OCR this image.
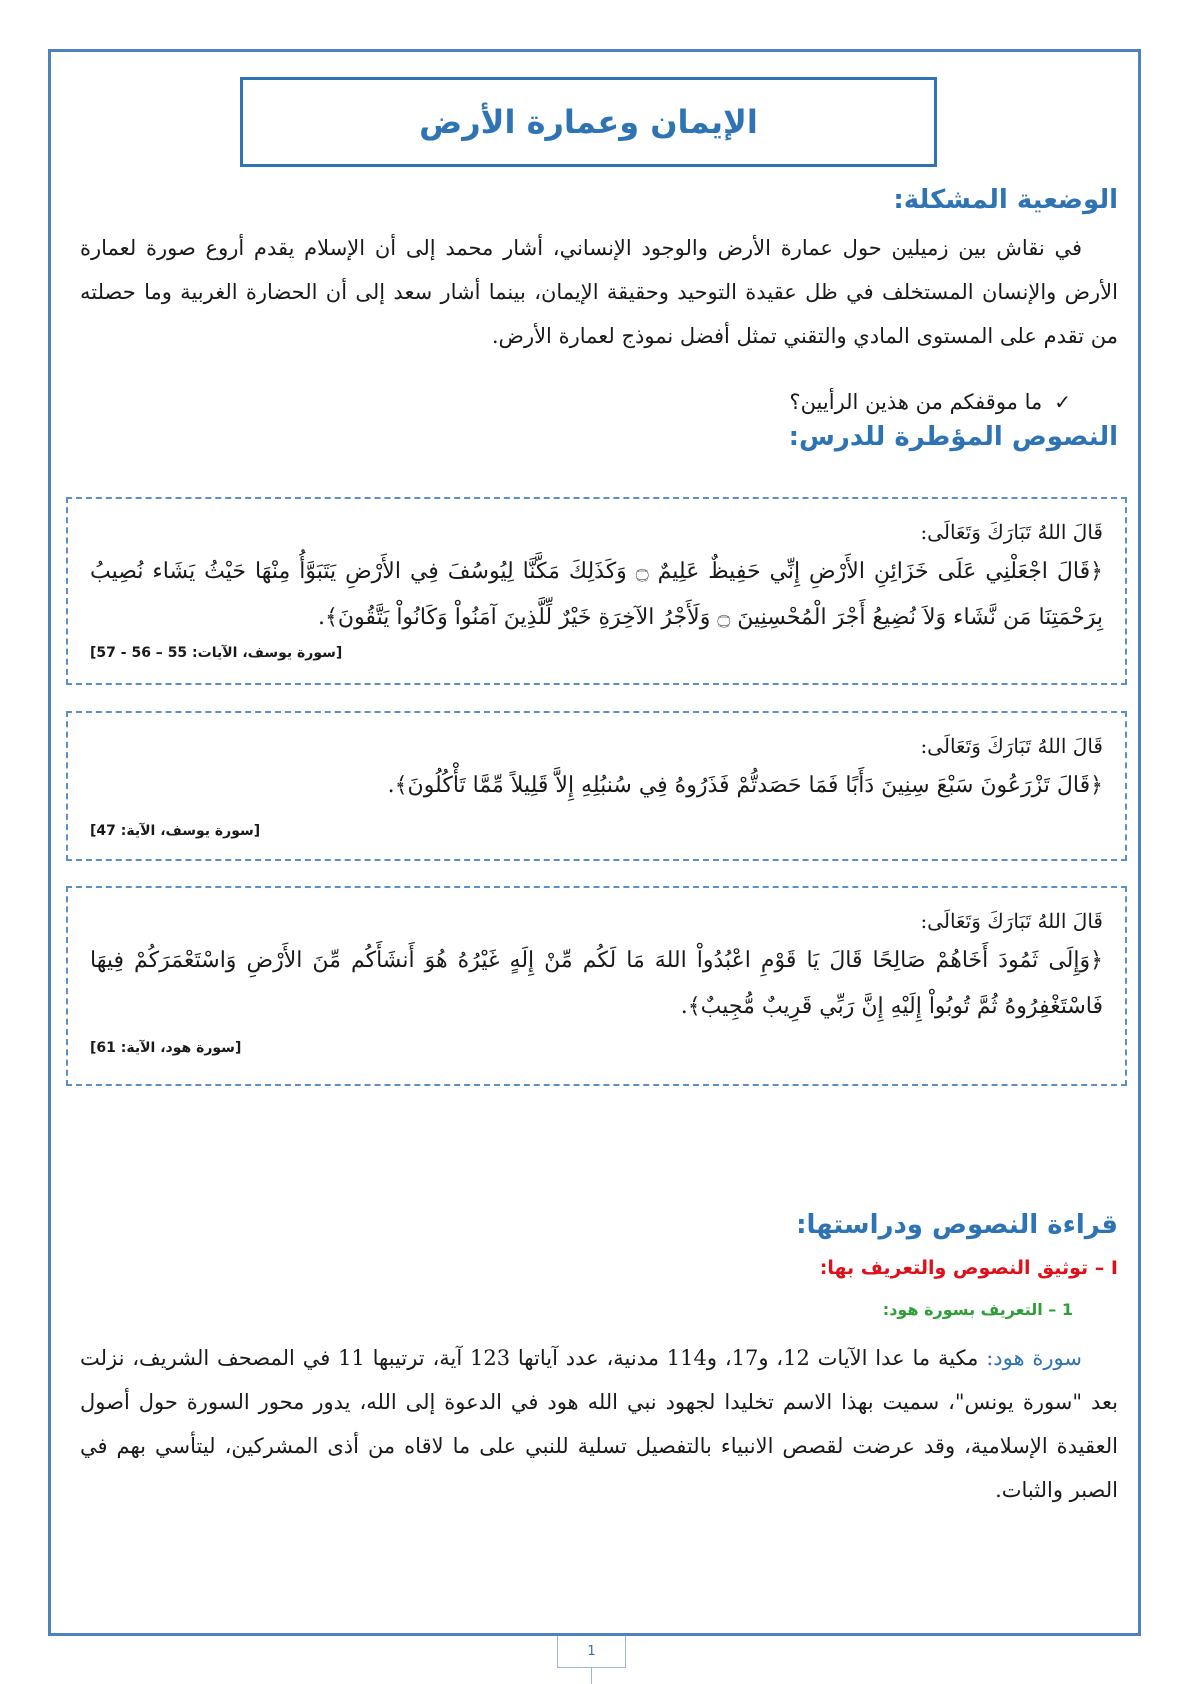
الإيمان وعمارة الأرض
الوضعية المشكلة:

في نقاش بين زميلين حول عمارة الأرض والوجود الإنساني، أشار محمد إلى أن الإسلام يقدم أروع صورة لعمارة الأرض والإنسان المستخلف في ظل عقيدة التوحيد وحقيقة الإيمان، بينما أشار سعد إلى أن الحضارة الغربية وما حصلته من تقدم على المستوى المادي والتقني تمثل أفضل نموذج لعمارة الأرض.

✓
ما موقفكم من هذين الرأيين؟
النصوص المؤطرة للدرس:
قَالَ اللهُ تَبَارَكَ وَتَعَالَى:
﴿قَالَ اجْعَلْنِي عَلَى خَزَائِنِ الأَرْضِ إِنِّي حَفِيظٌ عَلِيمٌ ۝ وَكَذَلِكَ مَكَّنَّا لِيُوسُفَ فِي الأَرْضِ يَتَبَوَّأُ مِنْهَا حَيْثُ يَشَاء نُصِيبُ بِرَحْمَتِنَا مَن نَّشَاء وَلاَ نُضِيعُ أَجْرَ الْمُحْسِنِينَ ۝ وَلَأَجْرُ الآخِرَةِ خَيْرٌ لِّلَّذِينَ آمَنُواْ وَكَانُواْ يَتَّقُونَ﴾.
[سورة يوسف، الآيات: 55 – 56 - 57]
قَالَ اللهُ تَبَارَكَ وَتَعَالَى:
﴿قَالَ تَزْرَعُونَ سَبْعَ سِنِينَ دَأَبًا فَمَا حَصَدتُّمْ فَذَرُوهُ فِي سُنبُلِهِ إِلاَّ قَلِيلاً مِّمَّا تَأْكُلُونَ﴾.
[سورة يوسف، الآية: 47]
قَالَ اللهُ تَبَارَكَ وَتَعَالَى:
﴿وَإِلَى ثَمُودَ أَخَاهُمْ صَالِحًا قَالَ يَا قَوْمِ اعْبُدُواْ اللهَ مَا لَكُم مِّنْ إِلَهٍ غَيْرُهُ هُوَ أَنشَأَكُم مِّنَ الأَرْضِ وَاسْتَعْمَرَكُمْ فِيهَا فَاسْتَغْفِرُوهُ ثُمَّ تُوبُواْ إِلَيْهِ إِنَّ رَبِّي قَرِيبٌ مُّجِيبٌ﴾.
[سورة هود، الآية: 61]
قراءة النصوص ودراستها:
I – توثيق النصوص والتعريف بها:
1 – التعريف بسورة هود:

سورة هود: مكية ما عدا الآيات 12، و17، و114 مدنية، عدد آياتها 123 آية، ترتيبها 11 في المصحف الشريف، نزلت بعد "سورة يونس"، سميت بهذا الاسم تخليدا لجهود نبي الله هود في الدعوة إلى الله، يدور محور السورة حول أصول العقيدة الإسلامية، وقد عرضت لقصص الانبياء بالتفصيل تسلية للنبي على ما لاقاه من أذى المشركين، ليتأسي بهم في الصبر والثبات.

1
